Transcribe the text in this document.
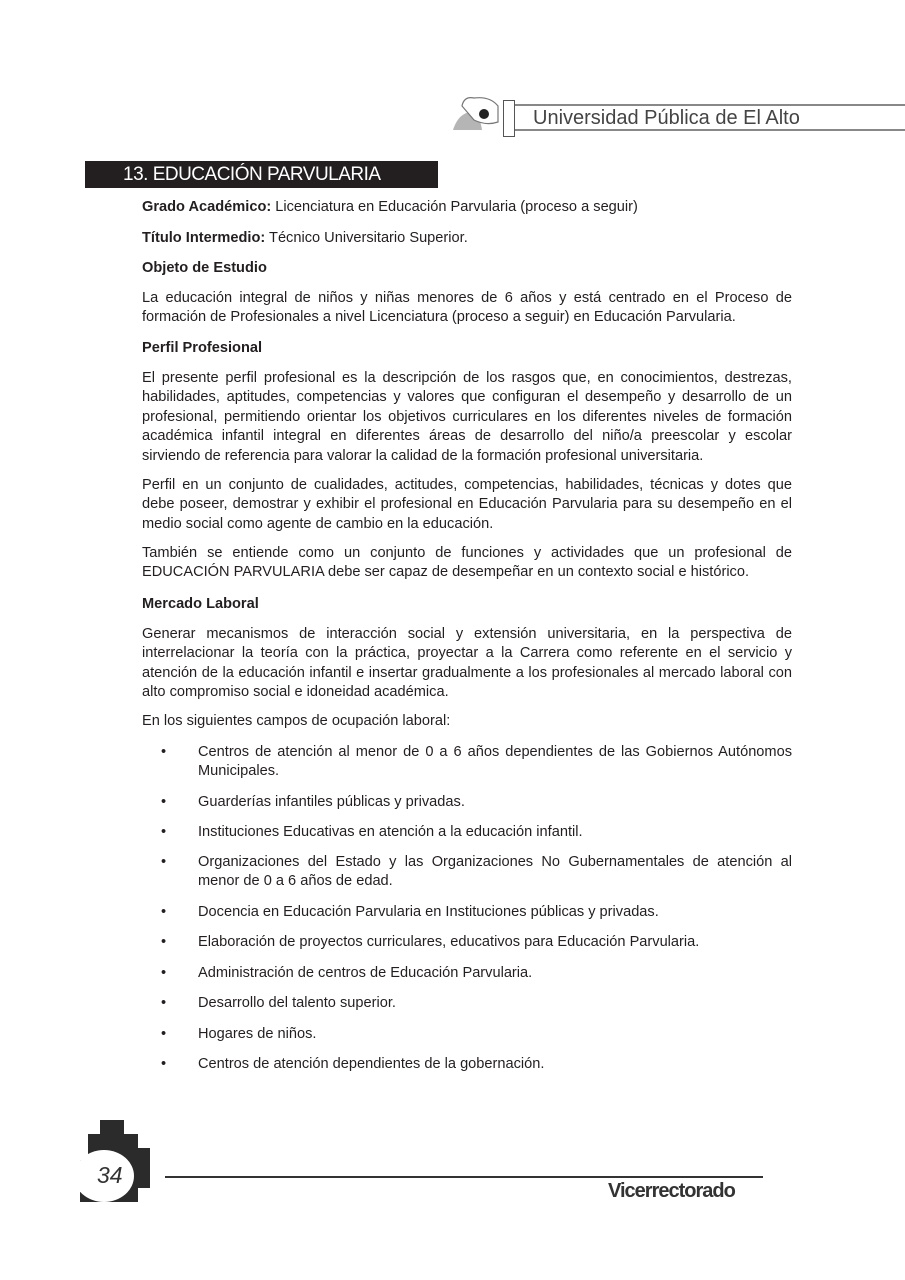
Universidad Pública de El Alto
13. EDUCACIÓN PARVULARIA
Grado Académico: Licenciatura en Educación Parvularia (proceso a seguir)
Título Intermedio: Técnico Universitario Superior.
Objeto de Estudio
La educación integral de niños y niñas menores de 6 años y está centrado en el Proceso de formación de Profesionales a nivel Licenciatura (proceso a seguir) en Educación Parvularia.
Perfil Profesional
El presente perfil profesional es la descripción de los rasgos que, en conocimientos, destrezas, habilidades, aptitudes, competencias y valores que configuran el desempeño y desarrollo de un profesional, permitiendo orientar los objetivos curriculares en los diferentes niveles de formación académica infantil integral en diferentes áreas de desarrollo del niño/a preescolar y escolar sirviendo de referencia para valorar la calidad de la formación profesional universitaria.
Perfil en un conjunto de cualidades, actitudes, competencias, habilidades, técnicas y dotes que debe poseer, demostrar y exhibir el profesional en Educación Parvularia para su desempeño en el medio social como agente de cambio en la educación.
También se entiende como un conjunto de funciones y actividades que un profesional de EDUCACIÓN PARVULARIA debe ser capaz de desempeñar en un contexto social e histórico.
Mercado Laboral
Generar mecanismos de interacción social y extensión universitaria, en la perspectiva de interrelacionar la teoría con la práctica, proyectar a la Carrera como referente en el servicio y atención de la educación infantil e insertar gradualmente a los profesionales al mercado laboral con alto compromiso social e idoneidad académica.
En los siguientes campos de ocupación laboral:
• Centros de atención al menor de 0 a 6 años dependientes de las Gobiernos Autónomos Municipales.
• Guarderías infantiles públicas y privadas.
• Instituciones Educativas en atención a la educación infantil.
• Organizaciones del Estado y las Organizaciones No Gubernamentales de atención al menor de 0 a 6 años de edad.
• Docencia en Educación Parvularia en Instituciones públicas y privadas.
• Elaboración de proyectos curriculares, educativos para Educación Parvularia.
• Administración de centros de Educación Parvularia.
• Desarrollo del talento superior.
• Hogares de niños.
• Centros de atención dependientes de la gobernación.
34
Vicerrectorado
